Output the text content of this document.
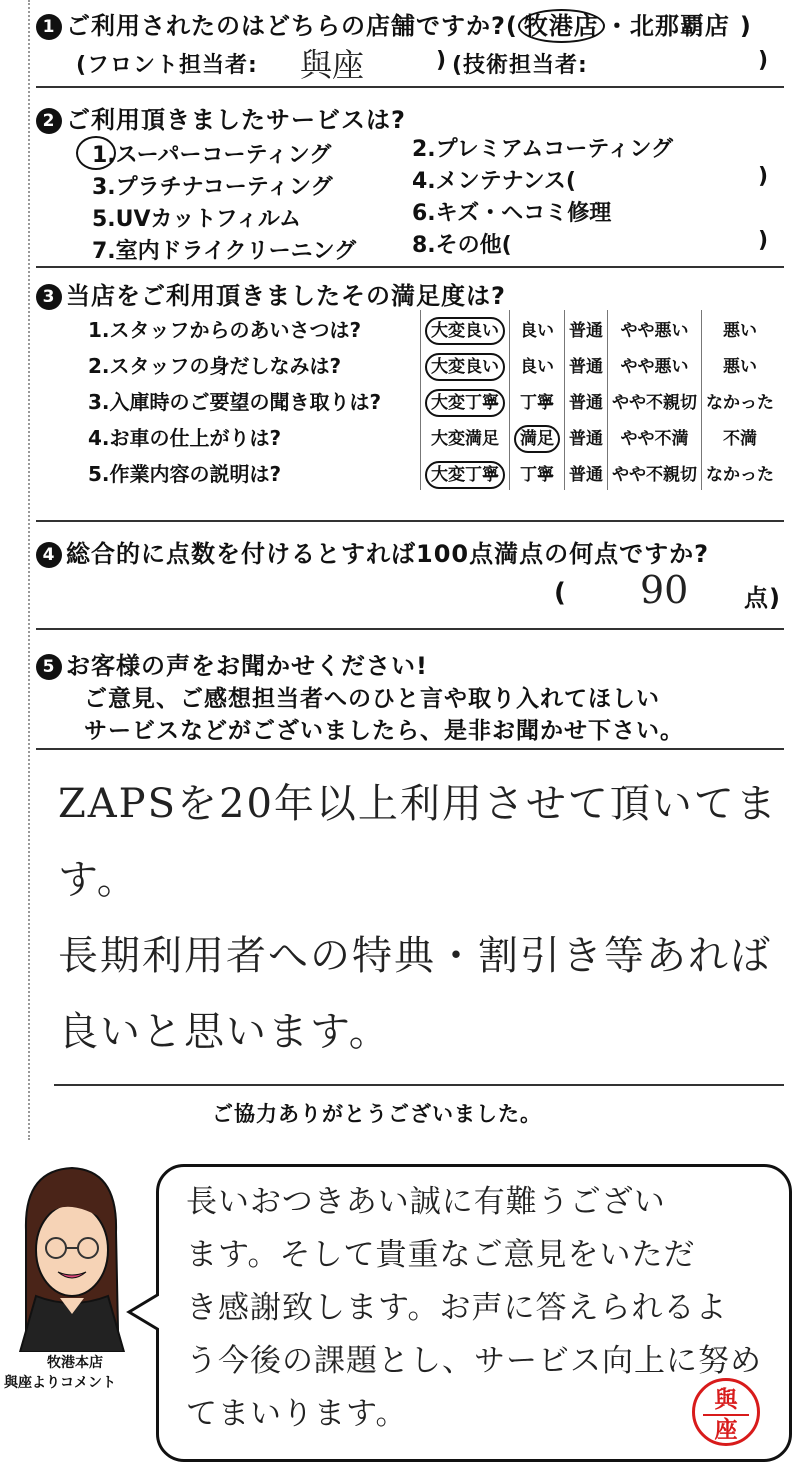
1 ご利用されたのはどちらの店舗ですか?( 牧港店 ・北那覇店 )
(フロント担当者: 與座	) (技術担当者:	)
2 ご利用頂きましたサービスは?
1.スーパーコーティング	2.プレミアムコーティング
3.プラチナコーティング	4.メンテナンス(	)
5.UVカットフィルム	6.キズ・ヘコミ修理
7.室内ドライクリーニング	8.その他(	)
3 当店をご利用頂きましたその満足度は?
1.スタッフからのあいさつは?	大変良い	良い	普通	やや悪い	悪い
2.スタッフの身だしなみは?	大変良い	良い	普通	やや悪い	悪い
3.入庫時のご要望の聞き取りは?	大変丁寧	丁寧	普通	やや不親切	なかった
4.お車の仕上がりは?	大変満足	満足	普通	やや不満	不満
5.作業内容の説明は?	大変丁寧	丁寧	普通	やや不親切	なかった
4 総合的に点数を付けるとすれば100点満点の何点ですか?
( 90 点)
5 お客様の声をお聞かせください!
ご意見、ご感想担当者へのひと言や取り入れてほしい
サービスなどがございましたら、是非お聞かせ下さい。
ZAPSを20年以上利用させて頂いてます。
長期利用者への特典・割引き等あれば
良いと思います。
ご協力ありがとうございました。
牧港本店
與座よりコメント
長いおつきあい誠に有難うござい
ます。そして貴重なご意見をいただ
き感謝致します。お声に答えられるよ
う今後の課題とし、サービス向上に努め
てまいります。	與
座
